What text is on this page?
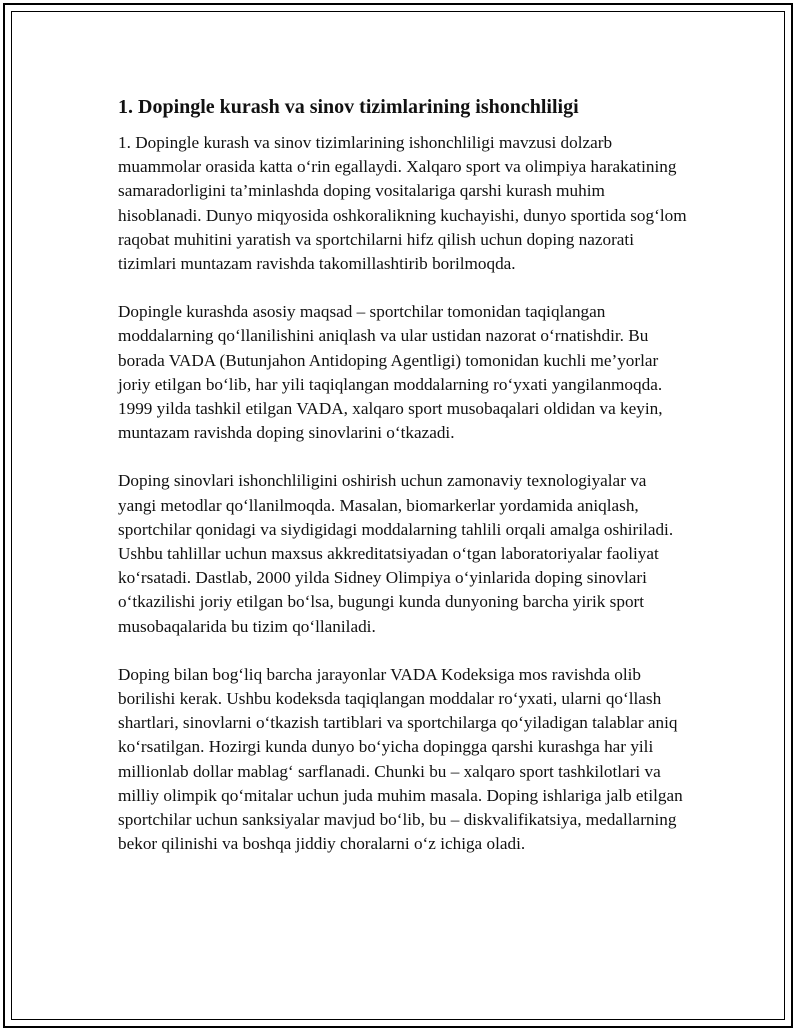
1. Dopingle kurash va sinov tizimlarining ishonchliligi

1. Dopingle kurash va sinov tizimlarining ishonchliligi mavzusi dolzarb muammolar orasida katta o‘rin egallaydi. Xalqaro sport va olimpiya harakatining samaradorligini ta’minlashda doping vositalariga qarshi kurash muhim hisoblanadi. Dunyo miqyosida oshkoralikning kuchayishi, dunyo sportida sog‘lom raqobat muhitini yaratish va sportchilarni hifz qilish uchun doping nazorati tizimlari muntazam ravishda takomillashtirib borilmoqda.

Dopingle kurashda asosiy maqsad – sportchilar tomonidan taqiqlangan moddalarning qo‘llanilishini aniqlash va ular ustidan nazorat o‘rnatishdir. Bu borada VADA (Butunjahon Antidoping Agentligi) tomonidan kuchli me’yorlar joriy etilgan bo‘lib, har yili taqiqlangan moddalarning ro‘yxati yangilanmoqda. 1999 yilda tashkil etilgan VADA, xalqaro sport musobaqalari oldidan va keyin, muntazam ravishda doping sinovlarini o‘tkazadi.

Doping sinovlari ishonchliligini oshirish uchun zamonaviy texnologiyalar va yangi metodlar qo‘llanilmoqda. Masalan, biomarkerlar yordamida aniqlash, sportchilar qonidagi va siydigidagi moddalarning tahlili orqali amalga oshiriladi. Ushbu tahlillar uchun maxsus akkreditatsiyadan o‘tgan laboratoriyalar faoliyat ko‘rsatadi. Dastlab, 2000 yilda Sidney Olimpiya o‘yinlarida doping sinovlari o‘tkazilishi joriy etilgan bo‘lsa, bugungi kunda dunyoning barcha yirik sport musobaqalarida bu tizim qo‘llaniladi.

Doping bilan bog‘liq barcha jarayonlar VADA Kodeksiga mos ravishda olib borilishi kerak. Ushbu kodeksda taqiqlangan moddalar ro‘yxati, ularni qo‘llash shartlari, sinovlarni o‘tkazish tartiblari va sportchilarga qo‘yiladigan talablar aniq ko‘rsatilgan. Hozirgi kunda dunyo bo‘yicha dopingga qarshi kurashga har yili millionlab dollar mablag‘ sarflanadi. Chunki bu – xalqaro sport tashkilotlari va milliy olimpik qo‘mitalar uchun juda muhim masala. Doping ishlariga jalb etilgan sportchilar uchun sanksiyalar mavjud bo‘lib, bu – diskvalifikatsiya, medallarning bekor qilinishi va boshqa jiddiy choralarni o‘z ichiga oladi.
